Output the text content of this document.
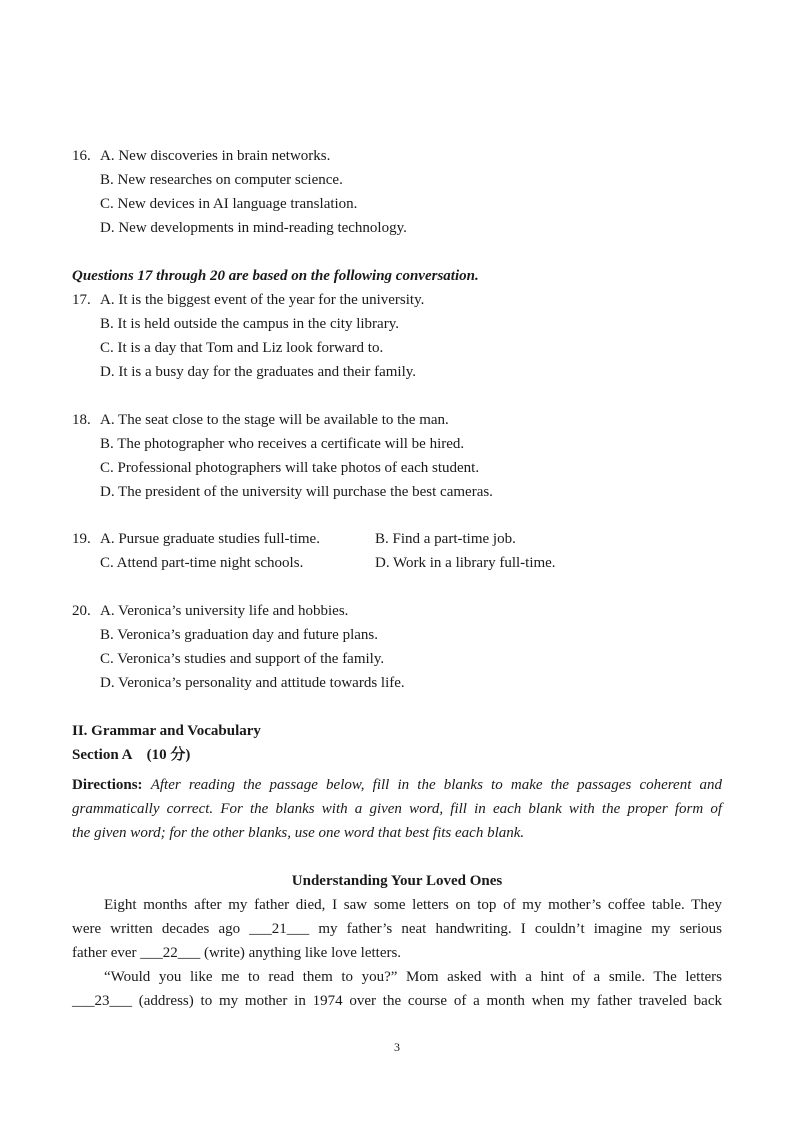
16. A. New discoveries in brain networks.
B. New researches on computer science.
C. New devices in AI language translation.
D. New developments in mind-reading technology.
Questions 17 through 20 are based on the following conversation.
17. A. It is the biggest event of the year for the university.
B. It is held outside the campus in the city library.
C. It is a day that Tom and Liz look forward to.
D. It is a busy day for the graduates and their family.
18. A. The seat close to the stage will be available to the man.
B. The photographer who receives a certificate will be hired.
C. Professional photographers will take photos of each student.
D. The president of the university will purchase the best cameras.
19. A. Pursue graduate studies full-time.	B. Find a part-time job.
C. Attend part-time night schools.	D. Work in a library full-time.
20. A. Veronica’s university life and hobbies.
B. Veronica’s graduation day and future plans.
C. Veronica’s studies and support of the family.
D. Veronica’s personality and attitude towards life.
II. Grammar and Vocabulary
Section A　(10 分)
Directions: After reading the passage below, fill in the blanks to make the passages coherent and
grammatically correct. For the blanks with a given word, fill in each blank with the proper form of
the given word; for the other blanks, use one word that best fits each blank.
Understanding Your Loved Ones
Eight months after my father died, I saw some letters on top of my mother’s coffee table. They
were written decades ago ___21___ my father’s neat handwriting. I couldn’t imagine my serious
father ever ___22___ (write) anything like love letters.
“Would you like me to read them to you?” Mom asked with a hint of a smile. The letters
___23___ (address) to my mother in 1974 over the course of a month when my father traveled back
3
